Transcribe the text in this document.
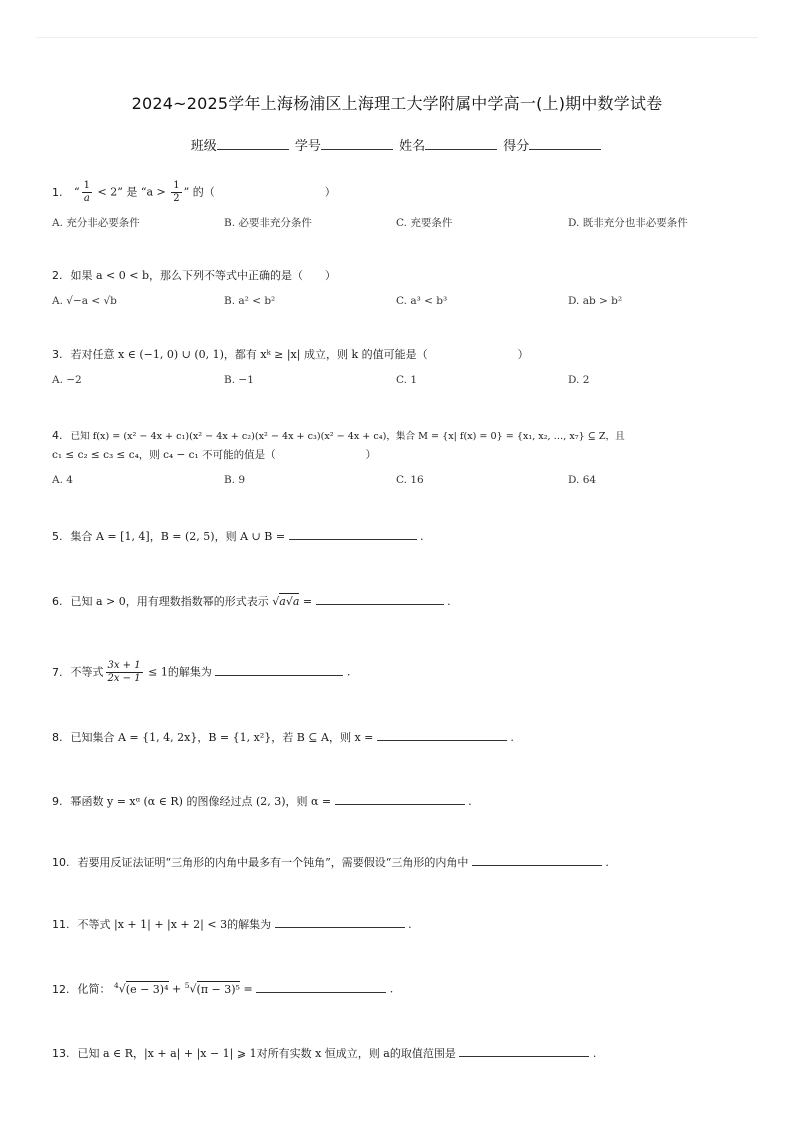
2024~2025学年上海杨浦区上海理工大学附属中学高一(上)期中数学试卷
班级	学号	姓名	得分
1. “ $\frac{1}{a} < 2$” 是 “$a > \frac{1}{2}$ ” 的（	）
A. 充分非必要条件	B. 必要非充分条件	C. 充要条件	D. 既非充分也非必要条件
2. 如果 a < 0 < b，那么下列不等式中正确的是（　　）
A. √−a < √b	B. a² < b²	C. a³ < b³	D. ab > b²
3. 若对任意 x ∈ (−1, 0) ∪ (0, 1)，都有 xᵏ ≥ |x| 成立，则 k 的值可能是（	）
A. −2	B. −1	C. 1	D. 2
4. 已知 f(x) = (x² − 4x + c₁)(x² − 4x + c₂)(x² − 4x + c₃)(x² − 4x + c₄)，集合 M = {x| f(x) = 0} = {x₁, x₂, …, x₇} ⊆ Z，且
c₁ ≤ c₂ ≤ c₃ ≤ c₄，则 c₄ − c₁ 不可能的值是（	）
A. 4	B. 9	C. 16	D. 64
5. 集合 A = [1, 4]，B = (2, 5)，则 A ∪ B =	.
6. 已知 a > 0，用有理数指数幂的形式表示 √a√a =	.
7. 不等式 $\frac{3x + 1}{2x - 1} \le 1$的解集为	.
8. 已知集合 A = {1, 4, 2x}，B = {1, x²}，若 B ⊆ A，则 x =	.
9. 幂函数 y = xᵅ (α ∈ R) 的图像经过点 (2, 3)，则 α =	.
10. 若要用反证法证明“三角形的内角中最多有一个钝角”，需要假设“三角形的内角中	.
11. 不等式 |x + 1| + |x + 2| < 3的解集为	.
12. 化简： $^4$√(e − 3)⁴ + $^5$√(π − 3)⁵ =	.
13. 已知 a ∈ R，|x + a| + |x − 1| ⩾ 1对所有实数 x 恒成立，则 a的取值范围是	.
